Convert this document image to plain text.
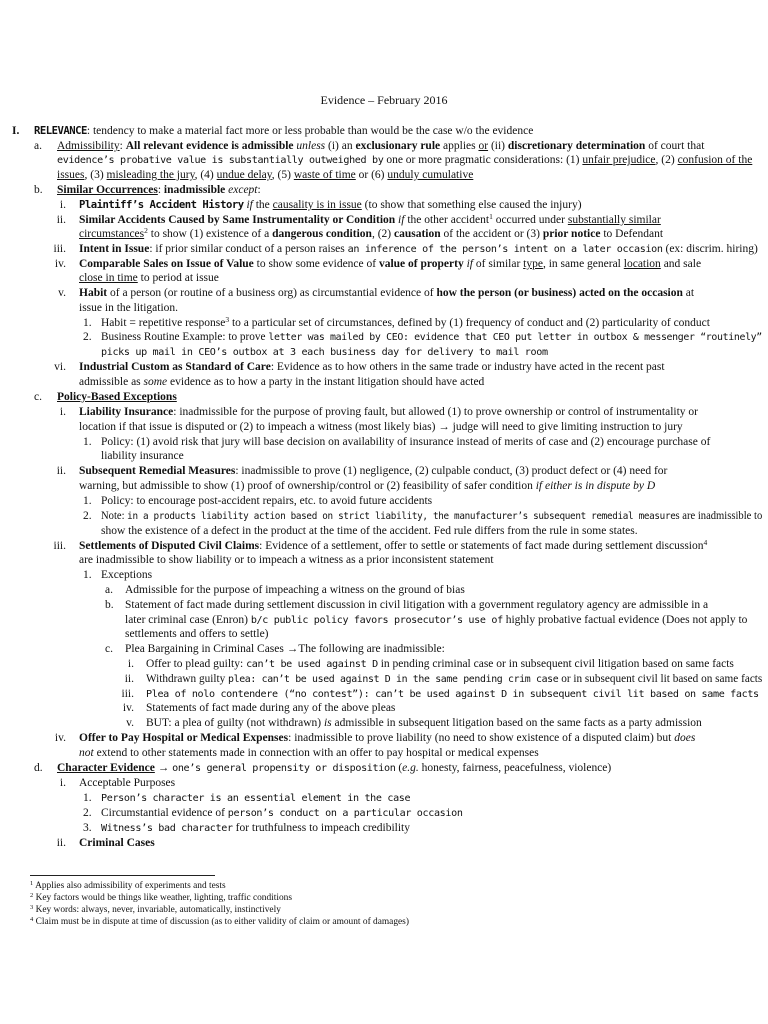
Evidence – February 2016
I. RELEVANCE: tendency to make a material fact more or less probable than would be the case w/o the evidence
a. Admissibility: All relevant evidence is admissible unless (i) an exclusionary rule applies or (ii) discretionary determination of court that
evidence’s probative value is substantially outweighed by one or more pragmatic considerations: (1) unfair prejudice, (2) confusion of the
issues, (3) misleading the jury, (4) undue delay, (5) waste of time or (6) unduly cumulative
b. Similar Occurrences: inadmissible except:
i. Plaintiff’s Accident History if the causality is in issue (to show that something else caused the injury)
ii. Similar Accidents Caused by Same Instrumentality or Condition if the other accident$^1$ occurred under substantially similar
circumstances$^2$ to show (1) existence of a dangerous condition, (2) causation of the accident or (3) prior notice to Defendant
iii. Intent in Issue: if prior similar conduct of a person raises an inference of the person’s intent on a later occasion (ex: discrim. hiring)
iv. Comparable Sales on Issue of Value to show some evidence of value of property if of similar type, in same general location and sale
close in time to period at issue
v. Habit of a person (or routine of a business org) as circumstantial evidence of how the person (or business) acted on the occasion at
issue in the litigation.
1. Habit = repetitive response$^3$ to a particular set of circumstances, defined by (1) frequency of conduct and (2) particularity of conduct
2. Business Routine Example: to prove letter was mailed by CEO: evidence that CEO put letter in outbox & messenger “routinely”
picks up mail in CEO’s outbox at 3 each business day for delivery to mail room
vi. Industrial Custom as Standard of Care: Evidence as to how others in the same trade or industry have acted in the recent past
admissible as some evidence as to how a party in the instant litigation should have acted
c. Policy-Based Exceptions
i. Liability Insurance: inadmissible for the purpose of proving fault, but allowed (1) to prove ownership or control of instrumentality or
location if that issue is disputed or (2) to impeach a witness (most likely bias) → judge will need to give limiting instruction to jury
1. Policy: (1) avoid risk that jury will base decision on availability of insurance instead of merits of case and (2) encourage purchase of
liability insurance
ii. Subsequent Remedial Measures: inadmissible to prove (1) negligence, (2) culpable conduct, (3) product defect or (4) need for
warning, but admissible to show (1) proof of ownership/control or (2) feasibility of safer condition if either is in dispute by D
1. Policy: to encourage post-accident repairs, etc. to avoid future accidents
2. Note: in a products liability action based on strict liability, the manufacturer’s subsequent remedial measures are inadmissible to
show the existence of a defect in the product at the time of the accident. Fed rule differs from the rule in some states.
iii. Settlements of Disputed Civil Claims: Evidence of a settlement, offer to settle or statements of fact made during settlement discussion$^4$
are inadmissible to show liability or to impeach a witness as a prior inconsistent statement
1. Exceptions
a. Admissible for the purpose of impeaching a witness on the ground of bias
b. Statement of fact made during settlement discussion in civil litigation with a government regulatory agency are admissible in a
later criminal case (Enron) b/c public policy favors prosecutor’s use of highly probative factual evidence (Does not apply to
settlements and offers to settle)
c. Plea Bargaining in Criminal Cases →The following are inadmissible:
i. Offer to plead guilty: can’t be used against D in pending criminal case or in subsequent civil litigation based on same facts
ii. Withdrawn guilty plea: can’t be used against D in the same pending crim case or in subsequent civil lit based on same facts
iii. Plea of nolo contendere (“no contest”): can’t be used against D in subsequent civil lit based on same facts
iv. Statements of fact made during any of the above pleas
v. BUT: a plea of guilty (not withdrawn) is admissible in subsequent litigation based on the same facts as a party admission
iv. Offer to Pay Hospital or Medical Expenses: inadmissible to prove liability (no need to show existence of a disputed claim) but does
not extend to other statements made in connection with an offer to pay hospital or medical expenses
d. Character Evidence → one’s general propensity or disposition (e.g. honesty, fairness, peacefulness, violence)
i. Acceptable Purposes
1. Person’s character is an essential element in the case
2. Circumstantial evidence of person’s conduct on a particular occasion
3. Witness’s bad character for truthfulness to impeach credibility
ii. Criminal Cases
$^1$ Applies also admissibility of experiments and tests
$^2$ Key factors would be things like weather, lighting, traffic conditions
$^3$ Key words: always, never, invariable, automatically, instinctively
$^4$ Claim must be in dispute at time of discussion (as to either validity of claim or amount of damages)
